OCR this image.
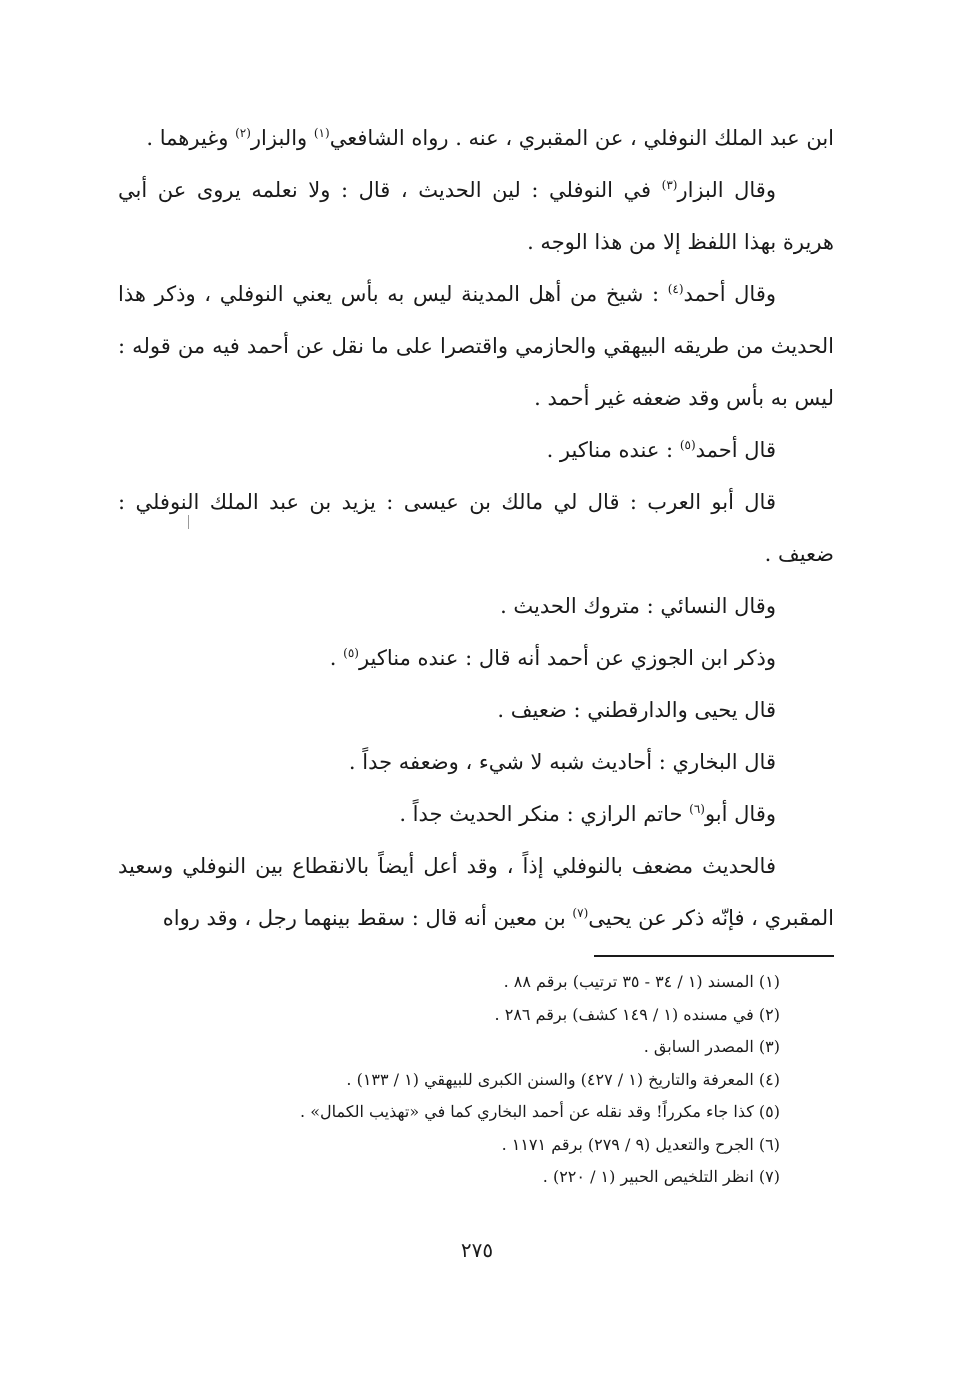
ابن عبد الملك النوفلي ، عن المقبري ، عنه . رواه الشافعي$^{(١)}$ والبزار$^{(٢)}$ وغيرهما .

وقال البزار$^{(٣)}$ في النوفلي : لين الحديث ، قال : ولا نعلمه يروى عن أبي هريرة بهذا اللفظ إلا من هذا الوجه .

وقال أحمد$^{(٤)}$ : شيخ من أهل المدينة ليس به بأس يعني النوفلي ، وذكر هذا الحديث من طريقه البيهقي والحازمي واقتصرا على ما نقل عن أحمد فيه من قوله : ليس به بأس وقد ضعفه غير أحمد .

قال أحمد$^{(٥)}$ : عنده مناكير .

قال أبو العرب : قال لي مالك بن عيسى : يزيد بن عبد الملك النوفلي : ضعيف .

وقال النسائي : متروك الحديث .

وذكر ابن الجوزي عن أحمد أنه قال : عنده مناكير$^{(٥)}$ .

قال يحيى والدارقطني : ضعيف .

قال البخاري : أحاديث شبه لا شيء ، وضعفه جداً .

وقال أبو$^{(٦)}$ حاتم الرازي : منكر الحديث جداً .

فالحديث مضعف بالنوفلي إذاً ، وقد أعل أيضاً بالانقطاع بين النوفلي وسعيد المقبري ، فإنّه ذكر عن يحيى$^{(٧)}$ بن معين أنه قال : سقط بينهما رجل ، وقد رواه

(١) المسند (١ / ٣٤ - ٣٥ ترتيب) برقم ٨٨ .

(٢) في مسنده (١ / ١٤٩ كشف) برقم ٢٨٦ .

(٣) المصدر السابق .

(٤) المعرفة والتاريخ (١ / ٤٢٧) والسنن الكبرى للبيهقي (١ / ١٣٣) .

(٥) كذا جاء مكرراً! وقد نقله عن أحمد البخاري كما في «تهذيب الكمال» .

(٦) الجرح والتعديل (٩ / ٢٧٩) برقم ١١٧١ .

(٧) انظر التلخيص الحبير (١ / ٢٢٠) .

٢٧٥
